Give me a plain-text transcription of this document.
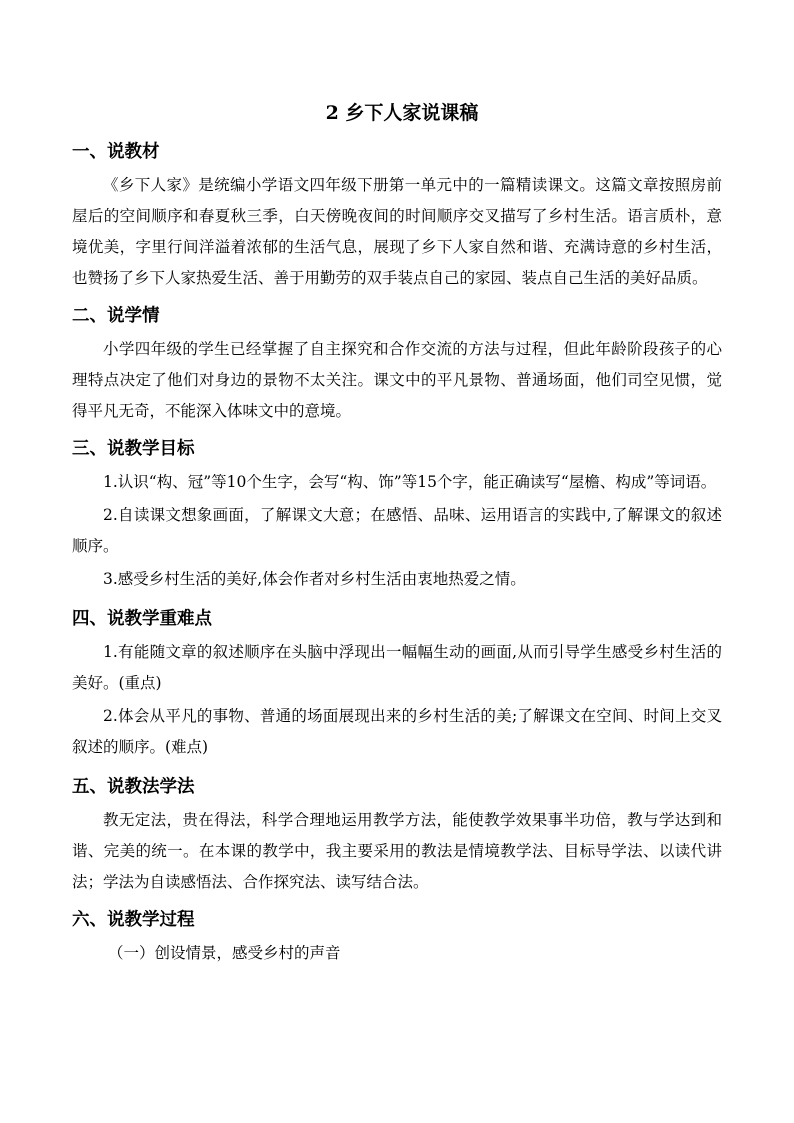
2 乡下人家说课稿
一、说教材

《乡下人家》是统编小学语文四年级下册第一单元中的一篇精读课文。这篇文章按照房前屋后的空间顺序和春夏秋三季，白天傍晚夜间的时间顺序交叉描写了乡村生活。语言质朴，意境优美，字里行间洋溢着浓郁的生活气息，展现了乡下人家自然和谐、充满诗意的乡村生活，也赞扬了乡下人家热爱生活、善于用勤劳的双手装点自己的家园、装点自己生活的美好品质。

二、说学情

小学四年级的学生已经掌握了自主探究和合作交流的方法与过程，但此年龄阶段孩子的心理特点决定了他们对身边的景物不太关注。课文中的平凡景物、普通场面，他们司空见惯，觉得平凡无奇，不能深入体味文中的意境。

三、说教学目标

1.认识“构、冠”等10个生字，会写“构、饰”等15个字，能正确读写“屋檐、构成”等词语。

2.自读课文想象画面，了解课文大意；在感悟、品味、运用语言的实践中,了解课文的叙述顺序。

3.感受乡村生活的美好,体会作者对乡村生活由衷地热爱之情。

四、说教学重难点

1.有能随文章的叙述顺序在头脑中浮现出一幅幅生动的画面,从而引导学生感受乡村生活的美好。(重点)

2.体会从平凡的事物、普通的场面展现出来的乡村生活的美;了解课文在空间、时间上交叉叙述的顺序。(难点)

五、说教法学法

教无定法，贵在得法，科学合理地运用教学方法，能使教学效果事半功倍，教与学达到和谐、完美的统一。在本课的教学中，我主要采用的教法是情境教学法、目标导学法、以读代讲法；学法为自读感悟法、合作探究法、读写结合法。

六、说教学过程

（一）创设情景，感受乡村的声音
